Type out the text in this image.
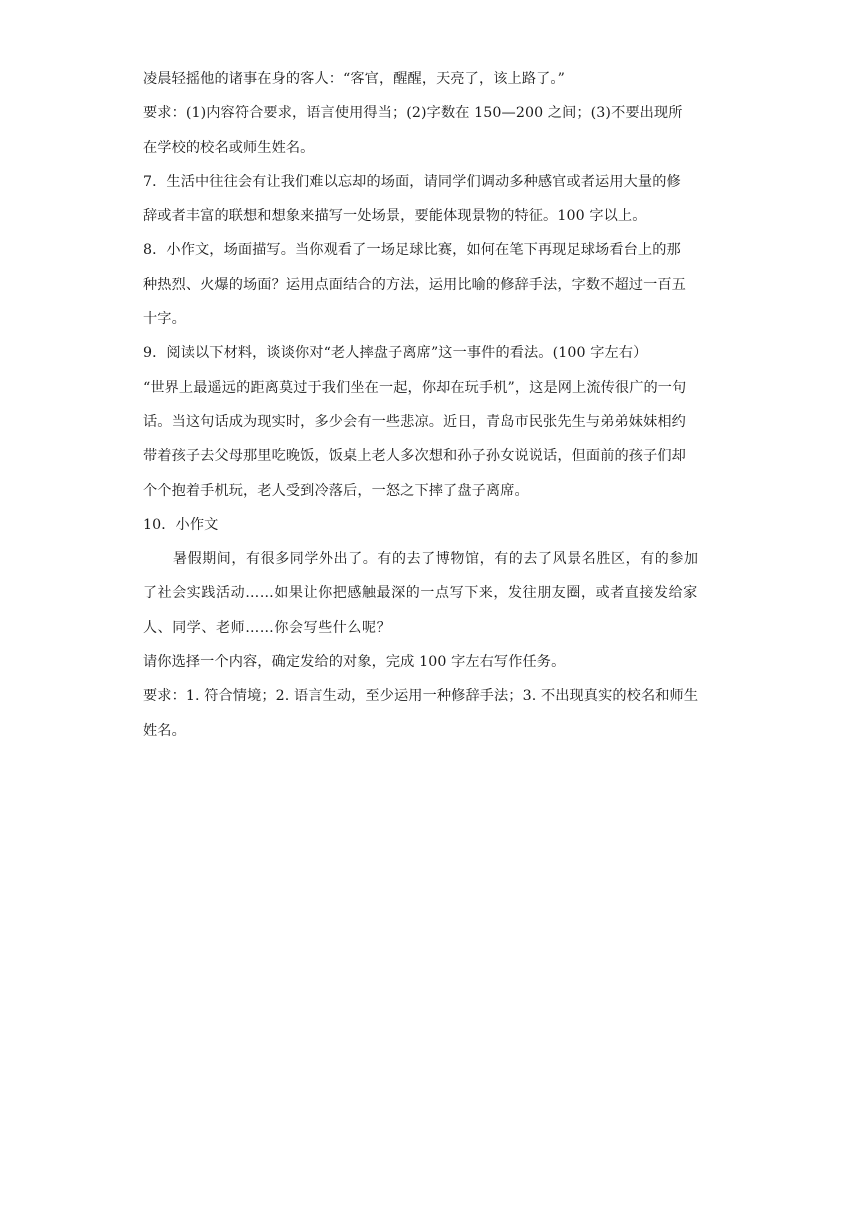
凌晨轻摇他的诸事在身的客人：“客官，醒醒，天亮了，该上路了。”

要求：(1)内容符合要求，语言使用得当；(2)字数在 150—200 之间；(3)不要出现所

在学校的校名或师生姓名。

7．生活中往往会有让我们难以忘却的场面，请同学们调动多种感官或者运用大量的修

辞或者丰富的联想和想象来描写一处场景，要能体现景物的特征。100 字以上。

8．小作文，场面描写。当你观看了一场足球比赛，如何在笔下再现足球场看台上的那

种热烈、火爆的场面？运用点面结合的方法，运用比喻的修辞手法，字数不超过一百五

十字。

9．阅读以下材料，谈谈你对“老人摔盘子离席”这一事件的看法。(100 字左右）

“世界上最遥远的距离莫过于我们坐在一起，你却在玩手机”，这是网上流传很广的一句

话。当这句话成为现实时，多少会有一些悲凉。近日，青岛市民张先生与弟弟妹妹相约

带着孩子去父母那里吃晚饭，饭桌上老人多次想和孙子孙女说说话，但面前的孩子们却

个个抱着手机玩，老人受到冷落后，一怒之下摔了盘子离席。

10．小作文

暑假期间，有很多同学外出了。有的去了博物馆，有的去了风景名胜区，有的参加

了社会实践活动……如果让你把感触最深的一点写下来，发往朋友圈，或者直接发给家

人、同学、老师……你会写些什么呢？

请你选择一个内容，确定发给的对象，完成 100 字左右写作任务。

要求：1. 符合情境；2. 语言生动，至少运用一种修辞手法；3. 不出现真实的校名和师生

姓名。
